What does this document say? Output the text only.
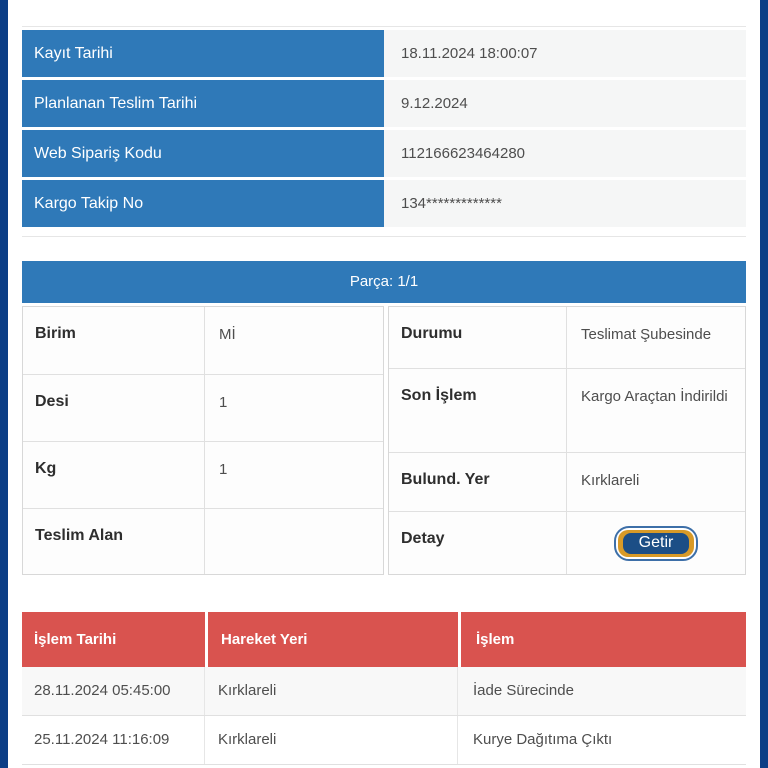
Kayıt Tarihi	18.11.2024 18:00:07
Planlanan Teslim Tarihi	9.12.2024
Web Sipariş Kodu	112166623464280
Kargo Takip No	134*************
Parça: 1/1
Birim	Mİ
Desi	1
Kg	1
Teslim Alan
Durumu	Teslimat Şubesinde
Son İşlem	Kargo Araçtan İndirildi
Bulund. Yer	Kırklareli
Detay	Getir
İşlem Tarihi	Hareket Yeri	İşlem
28.11.2024 05:45:00	Kırklareli	İade Sürecinde
25.11.2024 11:16:09	Kırklareli	Kurye Dağıtıma Çıktı
